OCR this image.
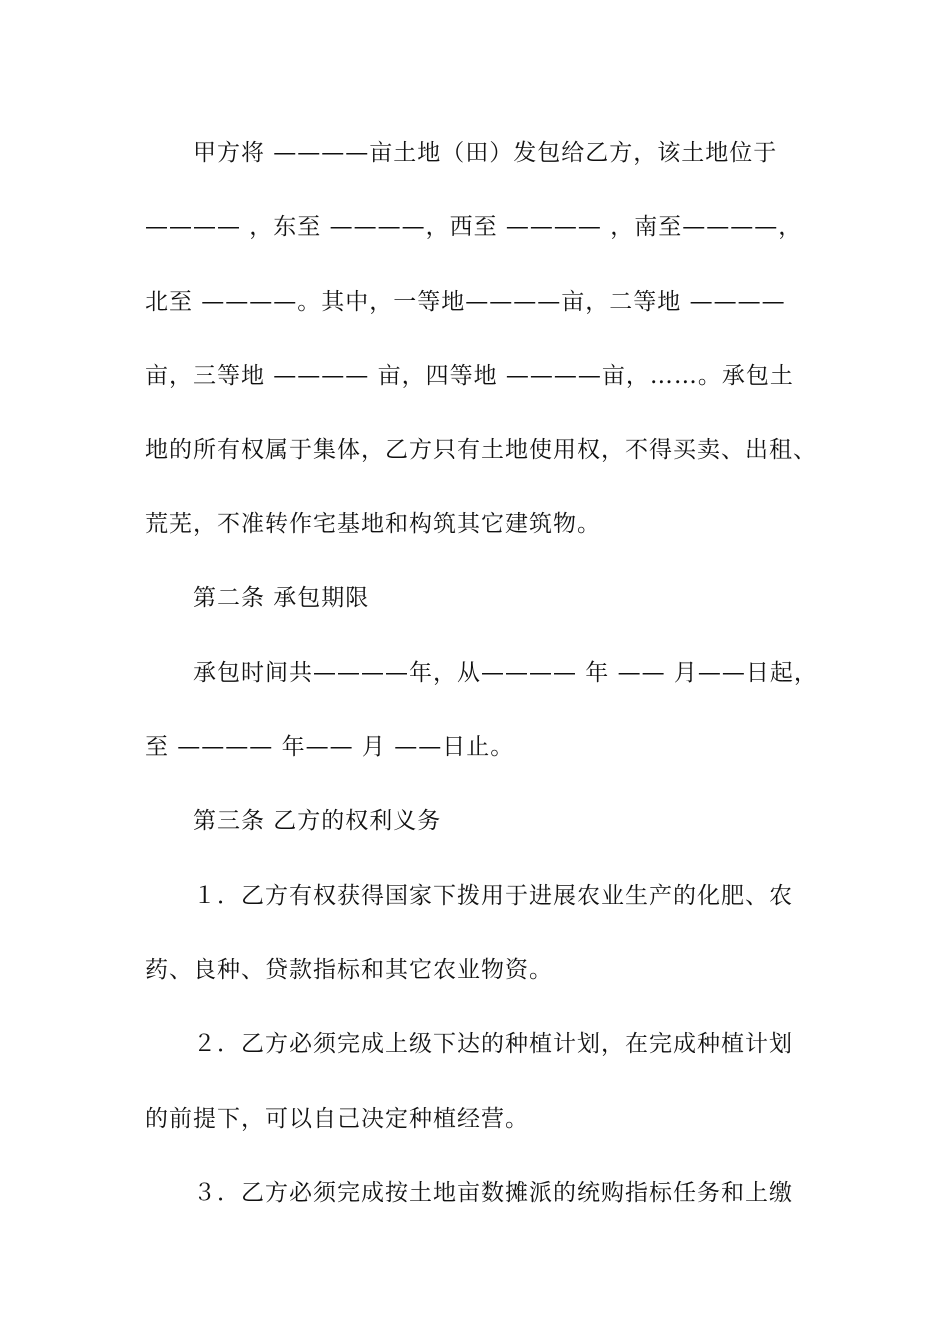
甲方将 ————亩土地（田）发包给乙方，该土地位于
———— ，东至 ————，西至 ———— ，南至————，
北至 ————。其中，一等地————亩，二等地 ————
亩，三等地 ———— 亩，四等地 ————亩，……。承包土
地的所有权属于集体，乙方只有土地使用权，不得买卖、出租、
荒芜，不准转作宅基地和构筑其它建筑物。
第二条 承包期限
承包时间共————年，从———— 年 —— 月——日起，
至 ———— 年—— 月 ——日止。
第三条 乙方的权利义务
１．乙方有权获得国家下拨用于进展农业生产的化肥、农
药、良种、贷款指标和其它农业物资。
２．乙方必须完成上级下达的种植计划，在完成种植计划
的前提下，可以自己决定种植经营。
３．乙方必须完成按土地亩数摊派的统购指标任务和上缴
